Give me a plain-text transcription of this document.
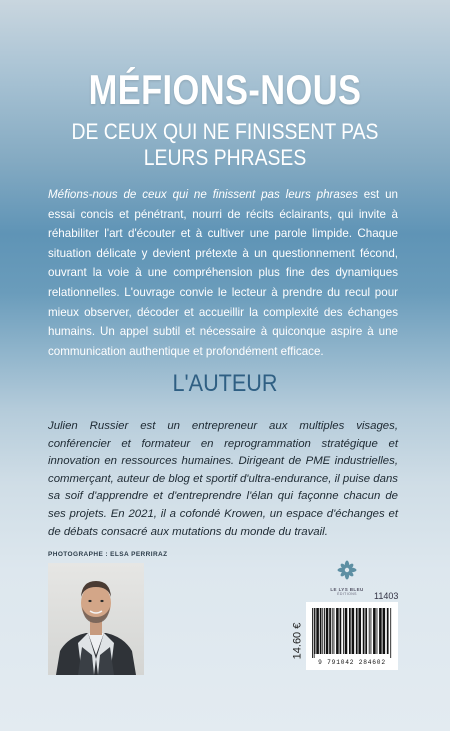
MÉFIONS-NOUS
DE CEUX QUI NE FINISSENT PAS
LEURS PHRASES

Méfions-nous de ceux qui ne finissent pas leurs phrases est un essai concis et pénétrant, nourri de récits éclairants, qui invite à réhabiliter l'art d'écouter et à cultiver une parole limpide. Chaque situation délicate y devient prétexte à un questionnement fécond, ouvrant la voie à une compréhension plus fine des dynamiques relationnelles. L'ouvrage convie le lecteur à prendre du recul pour mieux observer, décoder et accueillir la complexité des échanges humains. Un appel subtil et nécessaire à quiconque aspire à une communication authentique et profondément efficace.

L'AUTEUR

Julien Russier est un entrepreneur aux multiples visages, conférencier et formateur en reprogrammation stratégique et innovation en ressources humaines. Dirigeant de PME industrielles, commerçant, auteur de blog et sportif d'ultra-endurance, il puise dans sa soif d'apprendre et d'entreprendre l'élan qui façonne chacun de ses projets. En 2021, il a cofondé Krowen, un espace d'échanges et de débats consacré aux mutations du monde du travail.

PHOTOGRAPHE : ELSA PERRIRAZ
LE LYS BLEU
ÉDITIONS	11403
14.60 €
9 791042 284602
